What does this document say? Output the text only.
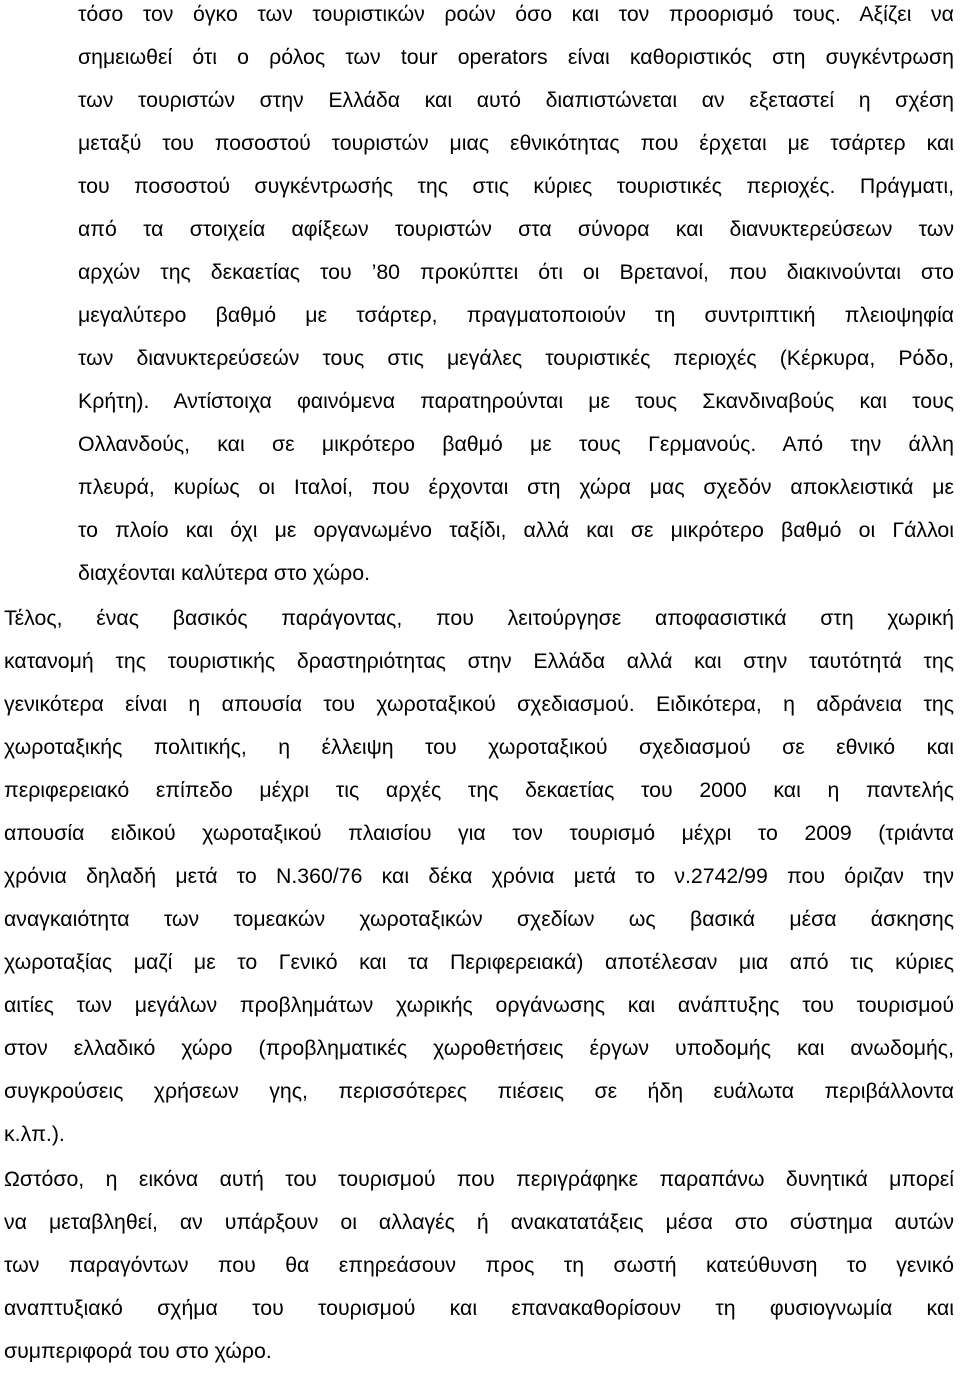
τόσο τον όγκο των τουριστικών ροών όσο και τον προορισμό τους. Αξίζει να
σημειωθεί ότι ο ρόλος των tour operators είναι καθοριστικός στη συγκέντρωση
των τουριστών στην Ελλάδα και αυτό διαπιστώνεται αν εξεταστεί η σχέση
μεταξύ του ποσοστού τουριστών μιας εθνικότητας που έρχεται με τσάρτερ και
του ποσοστού συγκέντρωσής της στις κύριες τουριστικές περιοχές. Πράγματι,
από τα στοιχεία αφίξεων τουριστών στα σύνορα και διανυκτερεύσεων των
αρχών της δεκαετίας του ’80 προκύπτει ότι οι Βρετανοί, που διακινούνται στο
μεγαλύτερο βαθμό με τσάρτερ, πραγματοποιούν τη συντριπτική πλειοψηφία
των διανυκτερεύσεών τους στις μεγάλες τουριστικές περιοχές (Κέρκυρα, Ρόδο,
Κρήτη). Αντίστοιχα φαινόμενα παρατηρούνται με τους Σκανδιναβούς και τους
Ολλανδούς, και σε μικρότερο βαθμό με τους Γερμανούς. Από την άλλη
πλευρά, κυρίως οι Ιταλοί, που έρχονται στη χώρα μας σχεδόν αποκλειστικά με
το πλοίο και όχι με οργανωμένο ταξίδι, αλλά και σε μικρότερο βαθμό οι Γάλλοι
διαχέονται καλύτερα στο χώρο.
Τέλος, ένας βασικός παράγοντας, που λειτούργησε αποφασιστικά στη χωρική
κατανομή της τουριστικής δραστηριότητας στην Ελλάδα αλλά και στην ταυτότητά της
γενικότερα είναι η απουσία του χωροταξικού σχεδιασμού. Ειδικότερα, η αδράνεια της
χωροταξικής πολιτικής, η έλλειψη του χωροταξικού σχεδιασμού σε εθνικό και
περιφερειακό επίπεδο μέχρι τις αρχές της δεκαετίας του 2000 και η παντελής
απουσία ειδικού χωροταξικού πλαισίου για τον τουρισμό μέχρι το 2009 (τριάντα
χρόνια δηλαδή μετά το Ν.360/76 και δέκα χρόνια μετά το ν.2742/99 που όριζαν την
αναγκαιότητα των τομεακών χωροταξικών σχεδίων ως βασικά μέσα άσκησης
χωροταξίας μαζί με το Γενικό και τα Περιφερειακά) αποτέλεσαν μια από τις κύριες
αιτίες των μεγάλων προβλημάτων χωρικής οργάνωσης και ανάπτυξης του τουρισμού
στον ελλαδικό χώρο (προβληματικές χωροθετήσεις έργων υποδομής και ανωδομής,
συγκρούσεις χρήσεων γης, περισσότερες πιέσεις σε ήδη ευάλωτα περιβάλλοντα
κ.λπ.).
Ωστόσο, η εικόνα αυτή του τουρισμού που περιγράφηκε παραπάνω δυνητικά μπορεί
να μεταβληθεί, αν υπάρξουν οι αλλαγές ή ανακατατάξεις μέσα στο σύστημα αυτών
των παραγόντων που θα επηρεάσουν προς τη σωστή κατεύθυνση το γενικό
αναπτυξιακό σχήμα του τουρισμού και επανακαθορίσουν τη φυσιογνωμία και
συμπεριφορά του στο χώρο.
